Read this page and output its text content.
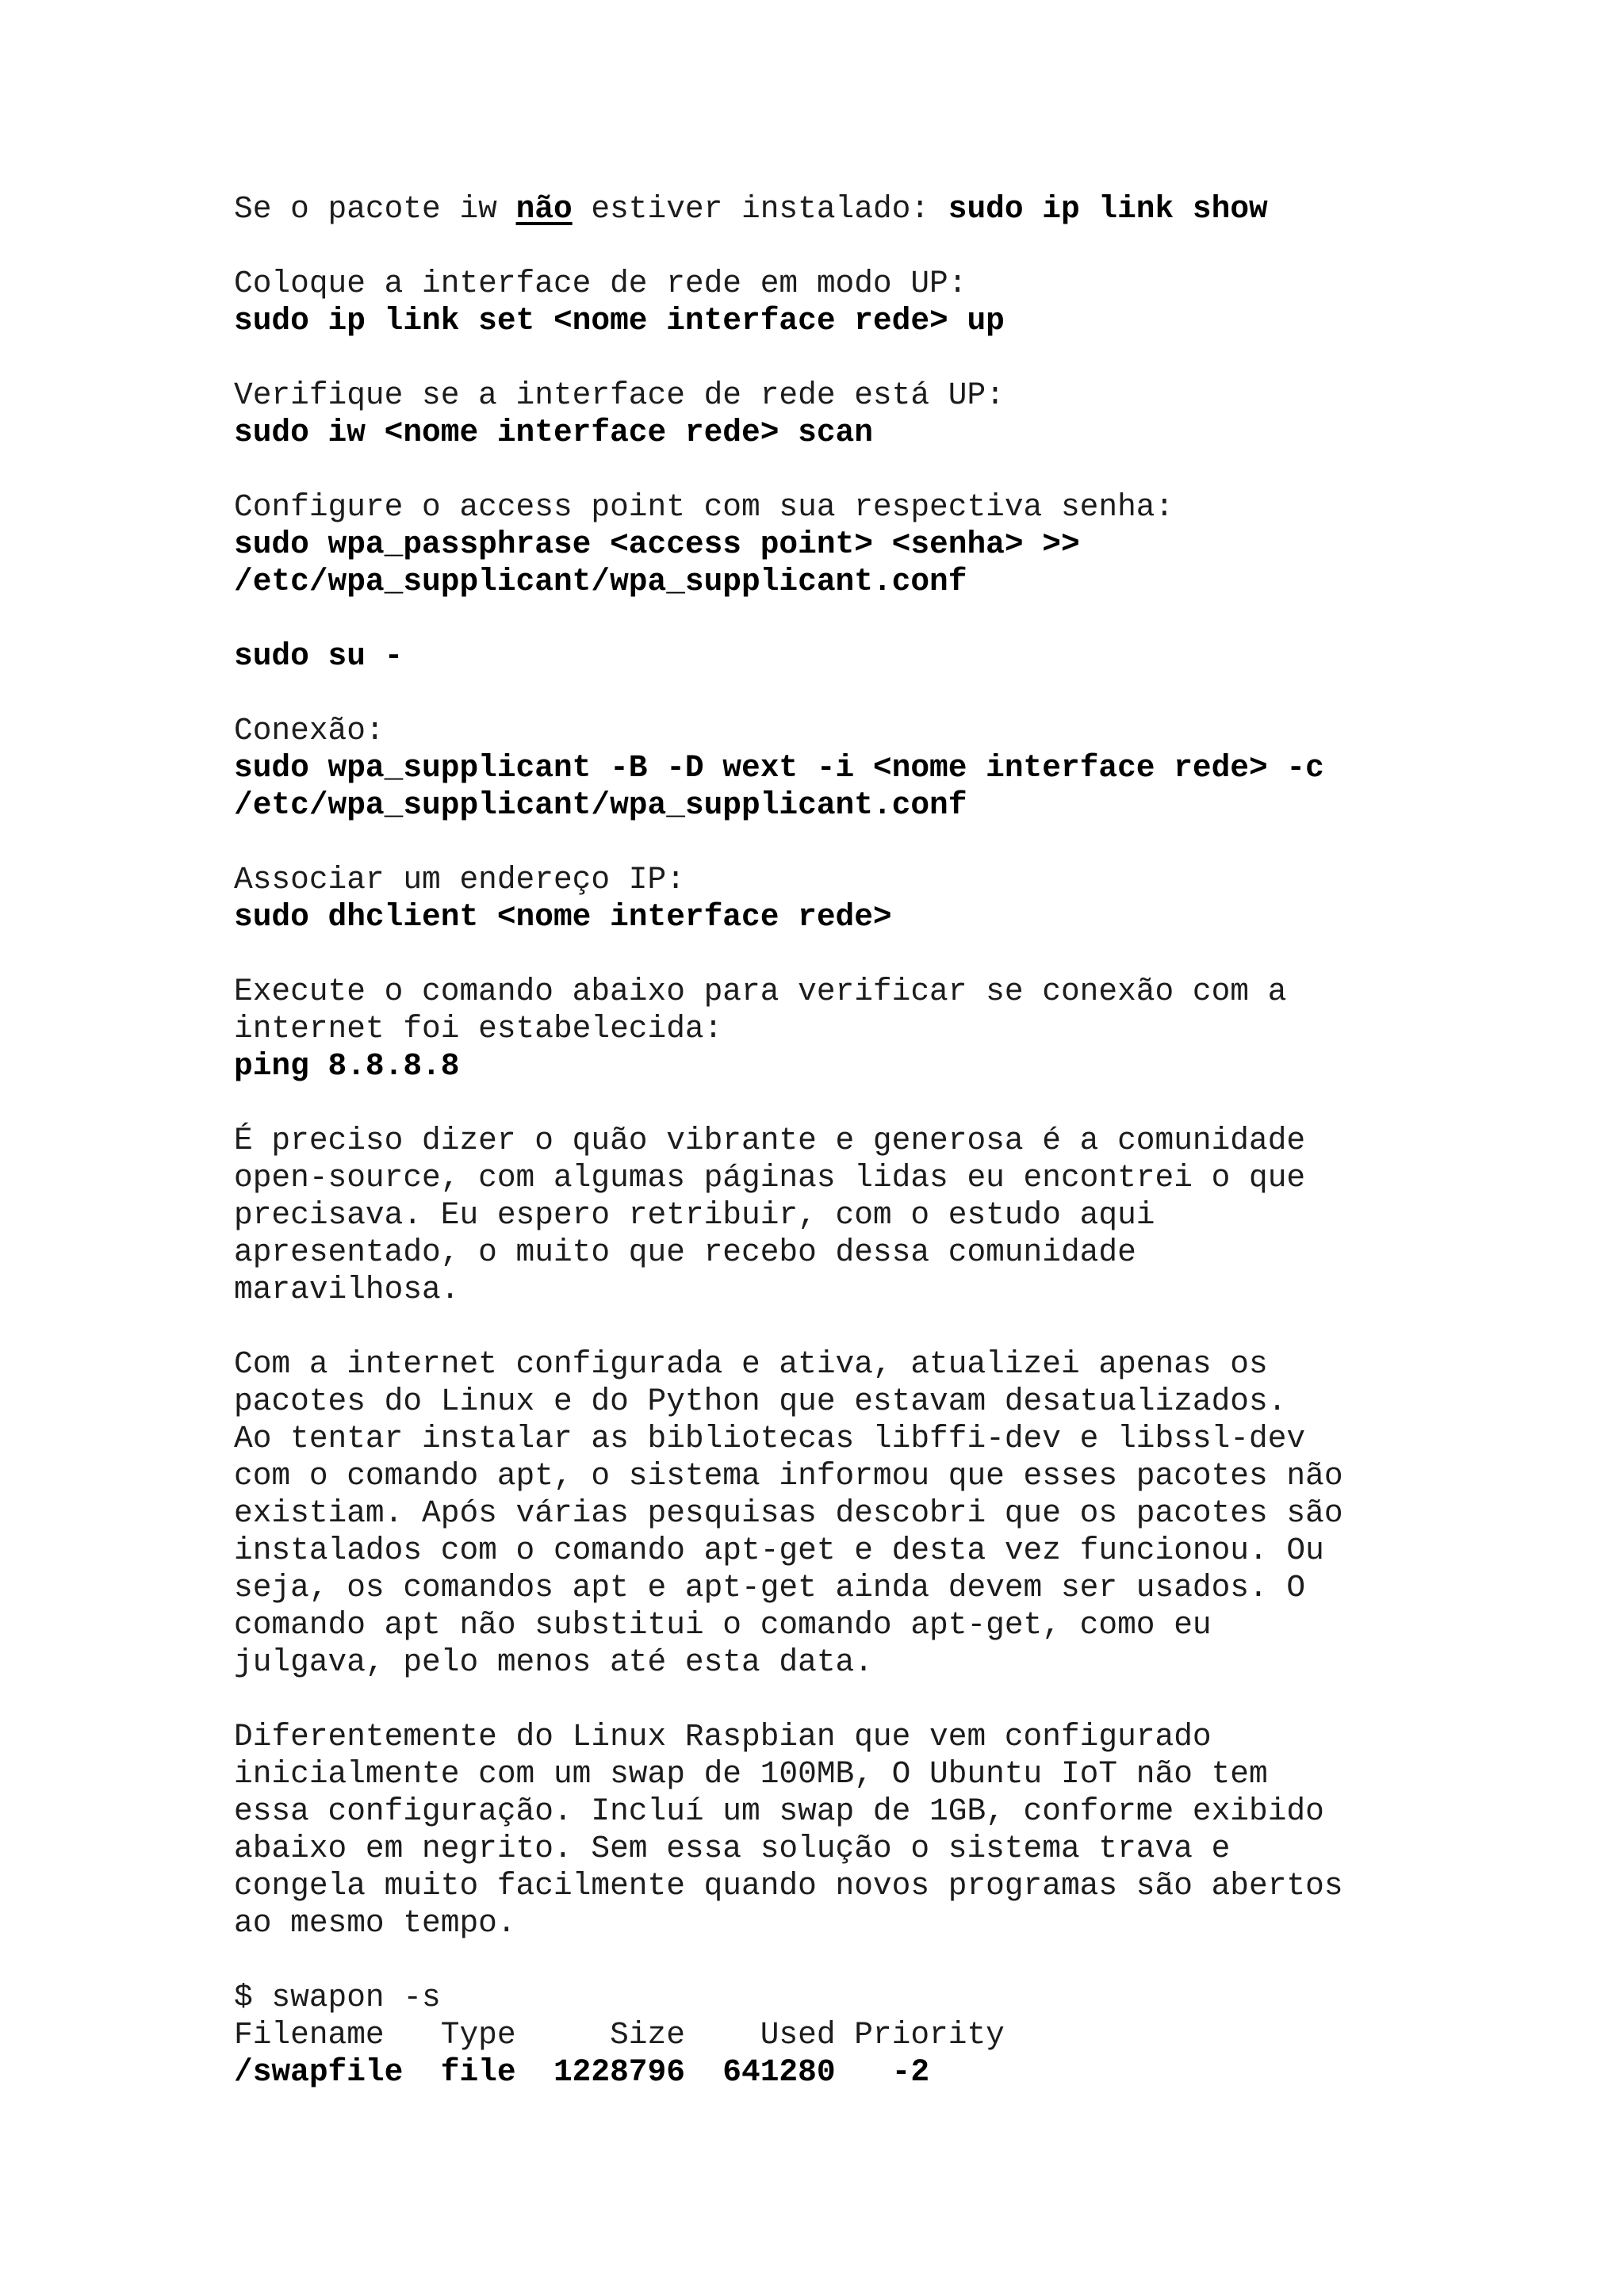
Se o pacote iw não estiver instalado: sudo ip link show
Coloque a interface de rede em modo UP:
sudo ip link set <nome interface rede> up
Verifique se a interface de rede está UP:
sudo iw <nome interface rede> scan
Configure o access point com sua respectiva senha:
sudo wpa_passphrase <access point> <senha> >>
/etc/wpa_supplicant/wpa_supplicant.conf
sudo su -
Conexão:
sudo wpa_supplicant -B -D wext -i <nome interface rede> -c
/etc/wpa_supplicant/wpa_supplicant.conf
Associar um endereço IP:
sudo dhclient <nome interface rede>
Execute o comando abaixo para verificar se conexão com a
internet foi estabelecida:
ping 8.8.8.8
É preciso dizer o quão vibrante e generosa é a comunidade
open-source, com algumas páginas lidas eu encontrei o que
precisava. Eu espero retribuir, com o estudo aqui
apresentado, o muito que recebo dessa comunidade
maravilhosa.
Com a internet configurada e ativa, atualizei apenas os
pacotes do Linux e do Python que estavam desatualizados.
Ao tentar instalar as bibliotecas libffi-dev e libssl-dev
com o comando apt, o sistema informou que esses pacotes não
existiam. Após várias pesquisas descobri que os pacotes são
instalados com o comando apt-get e desta vez funcionou. Ou
seja, os comandos apt e apt-get ainda devem ser usados. O
comando apt não substitui o comando apt-get, como eu
julgava, pelo menos até esta data.
Diferentemente do Linux Raspbian que vem configurado
inicialmente com um swap de 100MB, O Ubuntu IoT não tem
essa configuração. Incluí um swap de 1GB, conforme exibido
abaixo em negrito. Sem essa solução o sistema trava e
congela muito facilmente quando novos programas são abertos
ao mesmo tempo.
$ swapon -s
Filename   Type     Size    Used Priority
/swapfile  file  1228796  641280   -2
